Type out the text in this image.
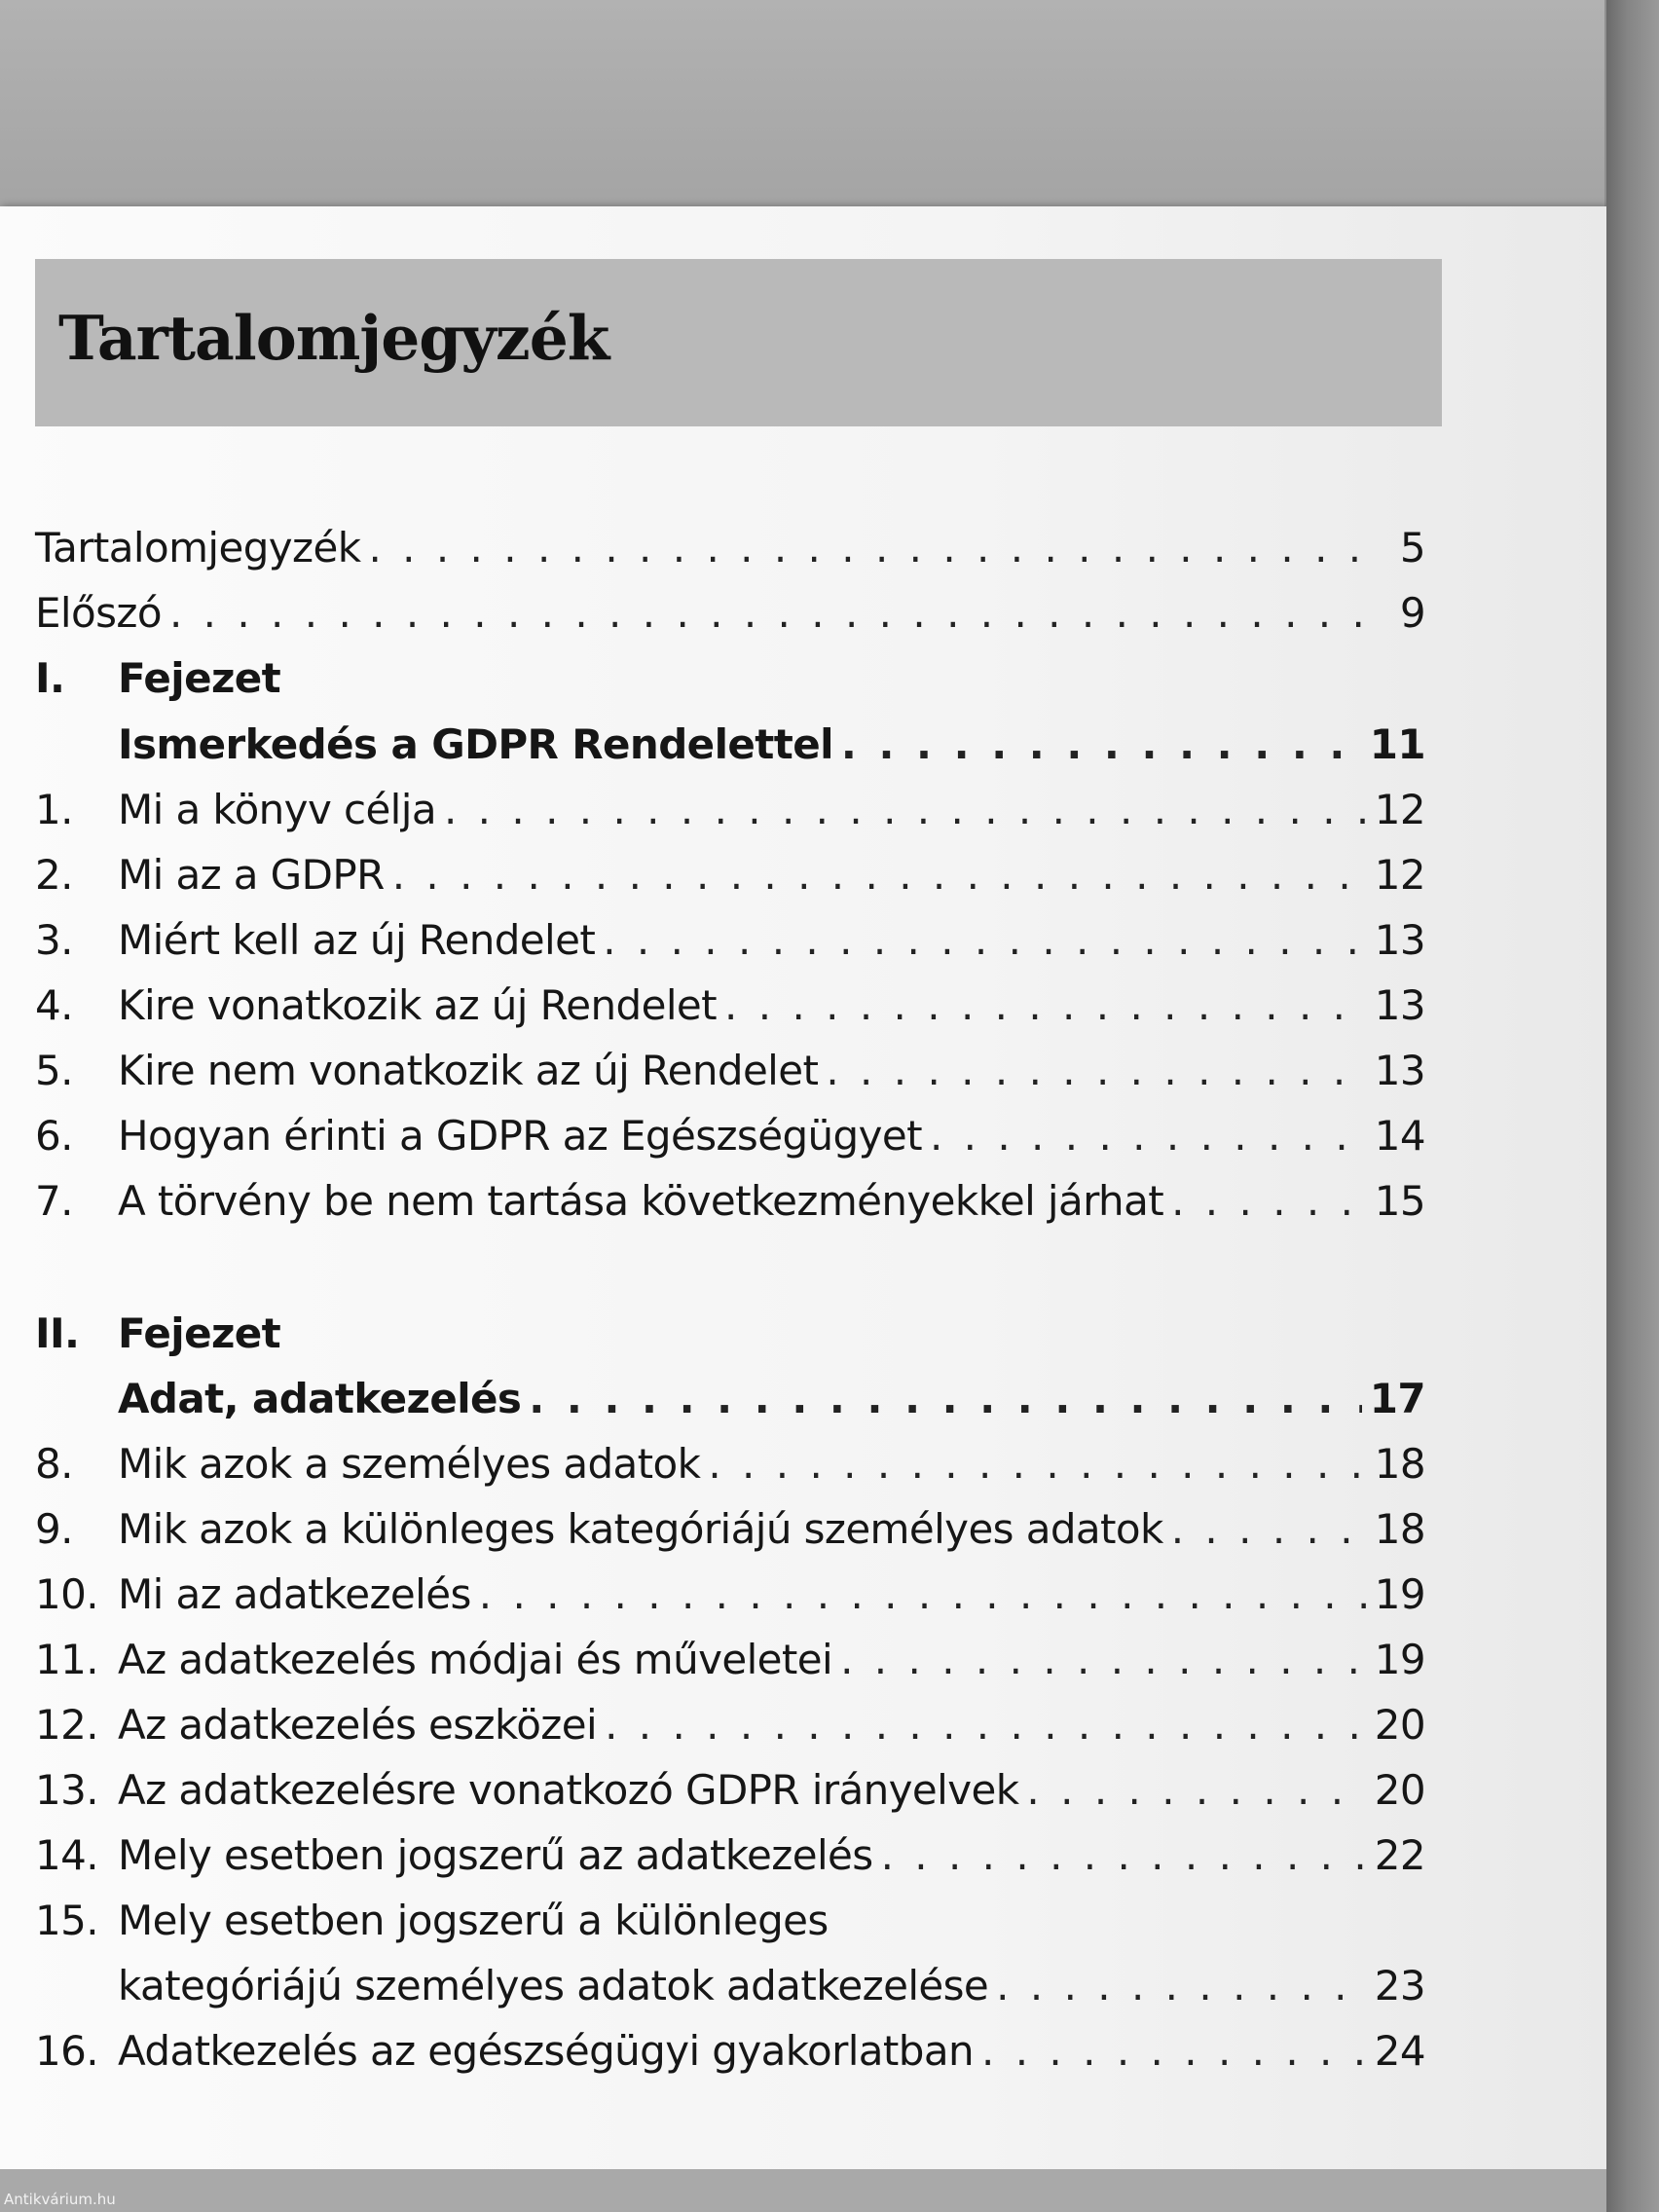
Antikvárium.hu
Tartalomjegyzék
Tartalomjegyzék . . .	5
Előszó . . .	9
I.	Fejezet
Ismerkedés a GDPR Rendelettel . . .	11
1.	Mi a könyv célja . . .	12
2.	Mi az a GDPR . . .	12
3.	Miért kell az új Rendelet . . .	13
4.	Kire vonatkozik az új Rendelet . . .	13
5.	Kire nem vonatkozik az új Rendelet . . .	13
6.	Hogyan érinti a GDPR az Egészségügyet . . .	14
7.	A törvény be nem tartása következményekkel járhat . . .	15
II. Fejezet
Adat, adatkezelés . . .	17
8.	Mik azok a személyes adatok . . .	18
9.	Mik azok a különleges kategóriájú személyes adatok . . .	18
10. Mi az adatkezelés . . .	19
11. Az adatkezelés módjai és műveletei . . .	19
12. Az adatkezelés eszközei . . .	20
13. Az adatkezelésre vonatkozó GDPR irányelvek . . .	20
14. Mely esetben jogszerű az adatkezelés . . .	22
15. Mely esetben jogszerű a különleges
kategóriájú személyes adatok adatkezelése . . .	23
16. Adatkezelés az egészségügyi gyakorlatban . . .	24
